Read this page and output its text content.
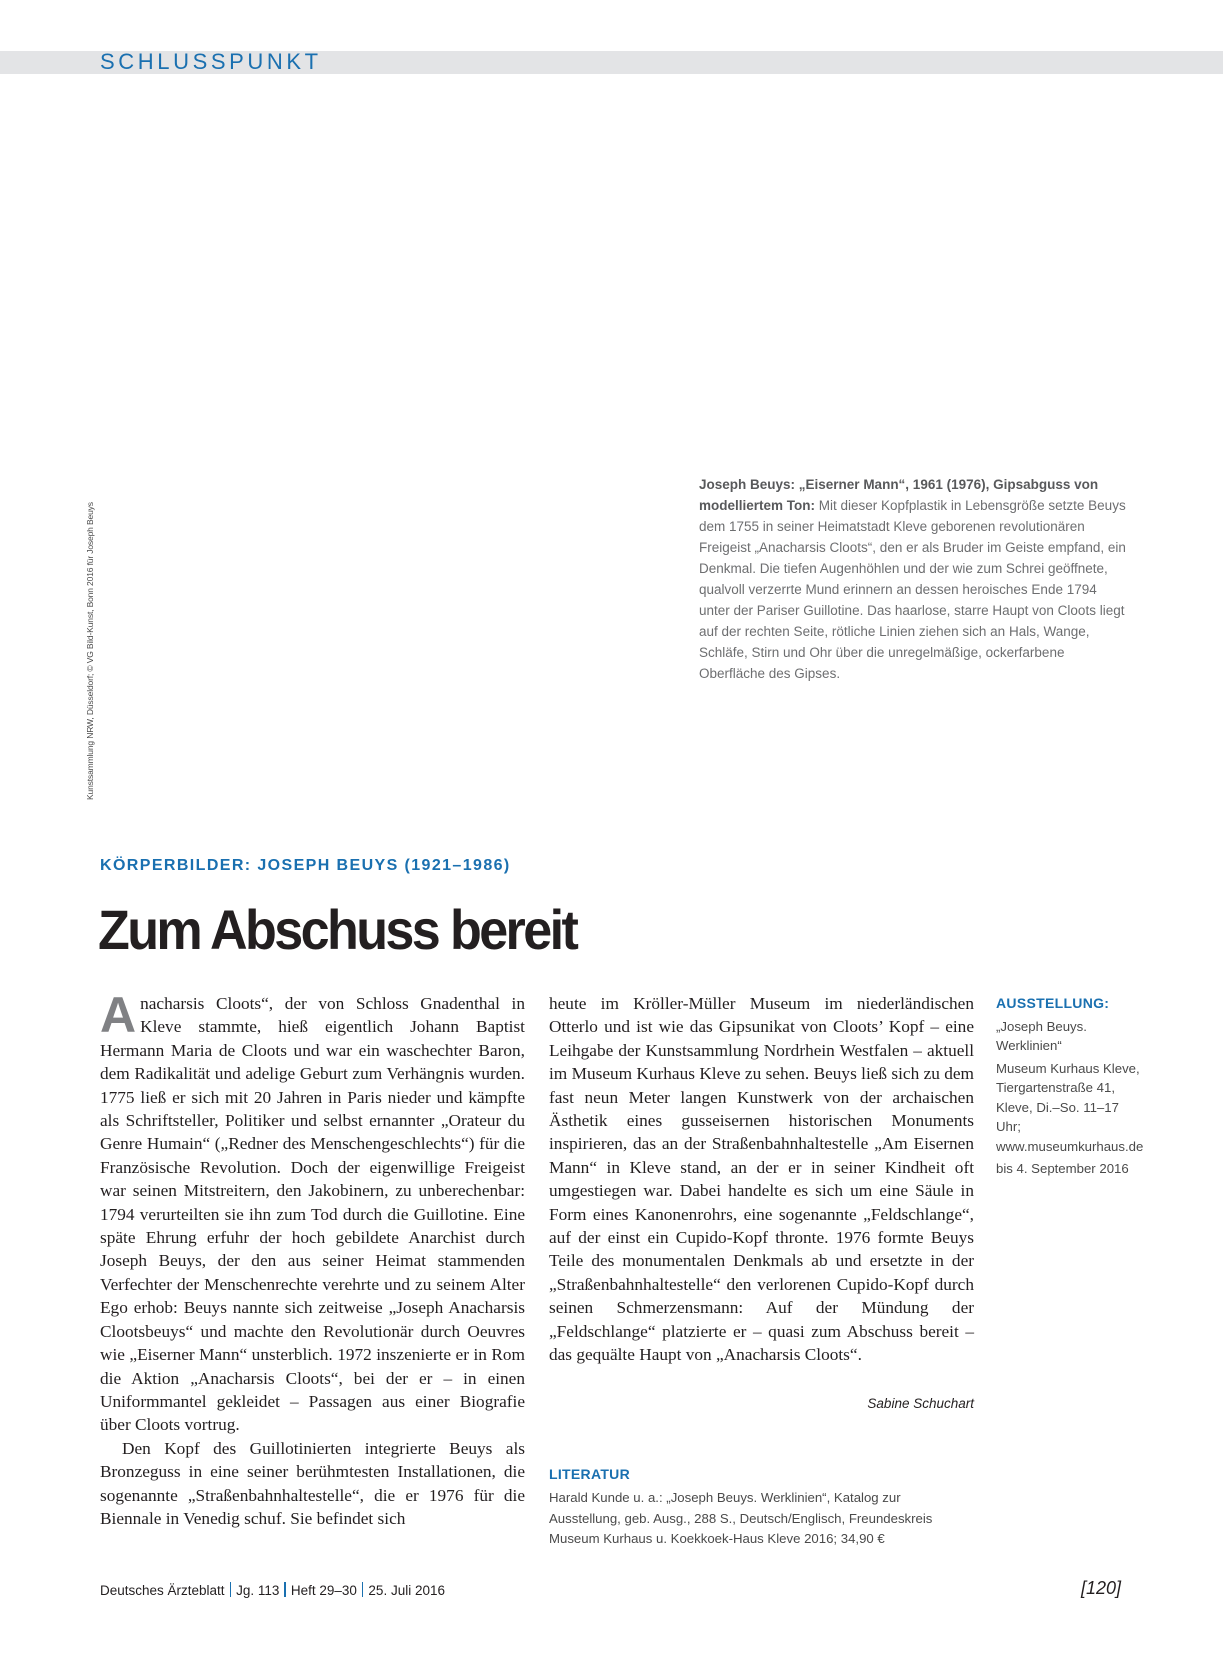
SCHLUSSPUNKT
Kunstsammlung NRW, Düsseldorf; © VG Bild-Kunst, Bonn 2016 für Joseph Beuys
Joseph Beuys: „Eiserner Mann“, 1961 (1976), Gipsabguss von modelliertem Ton: Mit dieser Kopfplastik in Lebensgröße setzte Beuys dem 1755 in seiner Heimatstadt Kleve geborenen revolutionären Freigeist „Anacharsis Cloots“, den er als Bruder im Geiste empfand, ein Denkmal. Die tiefen Augenhöhlen und der wie zum Schrei geöffnete, qualvoll verzerrte Mund erinnern an dessen heroisches Ende 1794 unter der Pariser Guillotine. Das haarlose, starre Haupt von Cloots liegt auf der rechten Seite, rötliche Linien ziehen sich an Hals, Wange, Schläfe, Stirn und Ohr über die unregelmäßige, ockerfarbene Oberfläche des Gipses.
KÖRPERBILDER: JOSEPH BEUYS (1921–1986)
Zum Abschuss bereit

Anacharsis Cloots“, der von Schloss Gnadenthal in Kleve stammte, hieß eigentlich Johann Baptist Hermann Maria de Cloots und war ein waschechter Baron, dem Radikalität und adelige Geburt zum Verhängnis wurden. 1775 ließ er sich mit 20 Jahren in Paris nieder und kämpfte als Schriftsteller, Politiker und selbst ernannter „Orateur du Genre Humain“ („Redner des Menschengeschlechts“) für die Französische Revolution. Doch der eigenwillige Freigeist war seinen Mitstreitern, den Jakobinern, zu unberechenbar: 1794 verurteilten sie ihn zum Tod durch die Guillotine. Eine späte Ehrung erfuhr der hoch gebildete Anarchist durch Joseph Beuys, der den aus seiner Heimat stammenden Verfechter der Menschenrechte verehrte und zu seinem Alter Ego erhob: Beuys nannte sich zeitweise „Joseph Anacharsis Clootsbeuys“ und machte den Revolutionär durch Oeuvres wie „Eiserner Mann“ unsterblich. 1972 inszenierte er in Rom die Aktion „Anacharsis Cloots“, bei der er – in einen Uniformmantel gekleidet – Passagen aus einer Biografie über Cloots vortrug.

Den Kopf des Guillotinierten integrierte Beuys als Bronzeguss in eine seiner berühmtesten Installationen, die sogenannte „Straßenbahnhaltestelle“, die er 1976 für die Biennale in Venedig schuf. Sie befindet sich

heute im Kröller-Müller Museum im niederländischen Otterlo und ist wie das Gipsunikat von Cloots’ Kopf – eine Leihgabe der Kunstsammlung Nordrhein Westfalen – aktuell im Museum Kurhaus Kleve zu sehen. Beuys ließ sich zu dem fast neun Meter langen Kunstwerk von der archaischen Ästhetik eines gusseisernen historischen Monuments inspirieren, das an der Straßenbahnhaltestelle „Am Eisernen Mann“ in Kleve stand, an der er in seiner Kindheit oft umgestiegen war. Dabei handelte es sich um eine Säule in Form eines Kanonenrohrs, eine sogenannte „Feldschlange“, auf der einst ein Cupido-Kopf thronte. 1976 formte Beuys Teile des monumentalen Denkmals ab und ersetzte in der „Straßenbahnhaltestelle“ den verlorenen Cupido-Kopf durch seinen Schmerzensmann: Auf der Mündung der „Feldschlange“ platzierte er – quasi zum Abschuss bereit – das gequälte Haupt von „Anacharsis Cloots“.

Sabine Schuchart
LITERATUR
Harald Kunde u. a.: „Joseph Beuys. Werklinien“, Katalog zur Ausstellung, geb. Ausg., 288 S., Deutsch/Englisch, Freundeskreis Museum Kurhaus u. Koekkoek-Haus Kleve 2016; 34,90 €
AUSSTELLUNG:
„Joseph Beuys. Werklinien“
Museum Kurhaus Kleve, Tiergartenstraße 41, Kleve, Di.–So. 11–17 Uhr; www.museumkurhaus.de
bis 4. September 2016
Deutsches Ärzteblatt Jg. 113 Heft 29–30 25. Juli 2016	[120]
